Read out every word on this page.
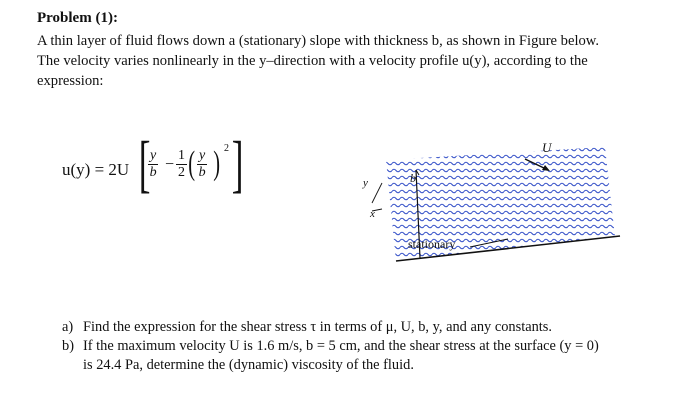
Problem (1):
A thin layer of fluid flows down a (stationary) slope with thickness b, as shown in Figure below.
The velocity varies nonlinearly in the y–direction with a velocity profile u(y), according to the
expression:
u(y) = 2U [
$\frac{y}{b} - \frac{1}{2}$ ( $\frac{y}{b}$ ) 2 ]	U
b
y
x
stationary
a) Find the expression for the shear stress τ in terms of μ, U, b, y, and any constants.
b) If the maximum velocity U is 1.6 m/s, b = 5 cm, and the shear stress at the surface (y = 0)
is 24.4 Pa, determine the (dynamic) viscosity of the fluid.
